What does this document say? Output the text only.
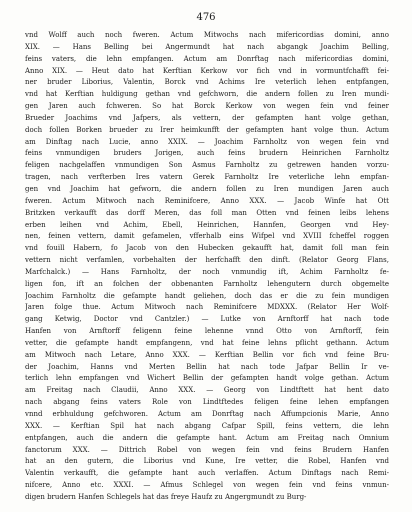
476
vnd Wolff auch noch fweren. Actum Mitwochs nach mifericordias domini, anno
XIX. — Hans Belling bei Angermundt hat nach abgangk Joachim Belling,
feins vaters, die lehn empfangen. Actum am Donrftag nach mifericordias domini,
Anno XIX. — Heut dato hat Kerftian Kerkow vor fich vnd in vormuntfchafft fei-
ner bruder Liborius, Valentin, Borck vnd Achims Ire veterlich lehen entpfangen,
vnd hat Kerftian huldigung gethan vnd gefchworn, die andern follen zu Iren mundi-
gen Jaren auch fchweren. So hat Borck Kerkow von wegen fein vnd feiner
Brueder Joachims vnd Jafpers, als vettern, der gefampten hant volge gethan,
doch follen Borken brueder zu Irer heimkunfft der gefampten hant volge thun. Actum
am Dinftag nach Lucie, anno XXIX. — Joachim Farnholtz von wegen fein vnd
feins vnmundigen bruders Jorigen, auch feins brudern Heinrichen Farnholtz
feligen nachgelaffen vnmundigen Son Asmus Farnholtz zu getrewen handen vorzu-
tragen, nach verfterben Ires vatern Gerek Farnholtz Ire veterliche lehn empfan-
gen vnd Joachim hat gefworn, die andern follen zu Iren mundigen Jaren auch
fweren. Actum Mitwoch nach Reminifcere, Anno XXX. — Jacob Winfe hat Ott
Britzken verkaufft das dorff Meren, das foll man Otten vnd feinen leibs lehens
erben leihen vnd Achim, Ebell, Heinrichen, Hannfen, Georgen vnd Hey-
nen, feinen vettern, damit gefamelen, vfferhalb eins Wifpel vnd XVIII fcheffel roggen
vnd fouill Habern, fo Jacob von den Hubecken gekaufft hat, damit foll man fein
vettern nicht verfamlen, vorbehalten der herfchafft den dinft. (Relator Georg Flans,
Marfchalck.) — Hans Farnholtz, der noch vnmundig ift, Achim Farnholtz fe-
ligen fon, ift an folchen der obbenanten Farnholtz lehengutern durch obgemelte
Joachim Farnholtz die gefampte handt geliehen, doch das er die zu fein mundigen
Jaren folge thue. Actum Mitwoch nach Reminifcere MDXXX. (Relator Her Wolf-
gang Ketwig, Doctor vnd Cantzler.) — Lutke von Arnftorff hat nach tode
Hanfen von Arnftorff feligenn feine lehenne vnnd Otto von Arnftorff, fein
vetter, die gefampte handt empfangenn, vnd hat feine lehns pflicht gethann. Actum
am Mitwoch nach Letare, Anno XXX. — Kerftian Bellin vor fich vnd feine Bru-
der Joachim, Hanns vnd Merten Bellin hat nach tode Jafpar Bellin Ir ve-
terlich lehn empfangen vnd Wichert Bellin der gefampten handt volge gethan. Actum
am Freitag nach Claudii, Anno XXX. — Georg von Lindtftett hat hent dato
nach abgang feins vaters Role von Lindtftedes feligen feine lehen empfangen
vnnd erbhuldung gefchworen. Actum am Donrftag nach Affumpcionis Marie, Anno
XXX. — Kerftian Spil hat nach abgang Cafpar Spill, feins vettern, die lehn
entpfangen, auch die andern die gefampte hant. Actum am Freitag nach Omnium
fanctorum XXX. — Dittrich Robel von wegen fein vnd feins Brudern Hanfen
hat an den gutern, die Liborius vnd Kune, Ire vetter, die Robel, Hanfen vnd
Valentin verkaufft, die gefampte hant auch verlaffen. Actum Dinftags nach Remi-
nifcere, Anno etc. XXXI. — Afmus Schlegel von wegen fein vnd feins vnmun-
digen brudern Hanfen Schlegels hat das freye Haufz zu Angergmundt zu Burg-
